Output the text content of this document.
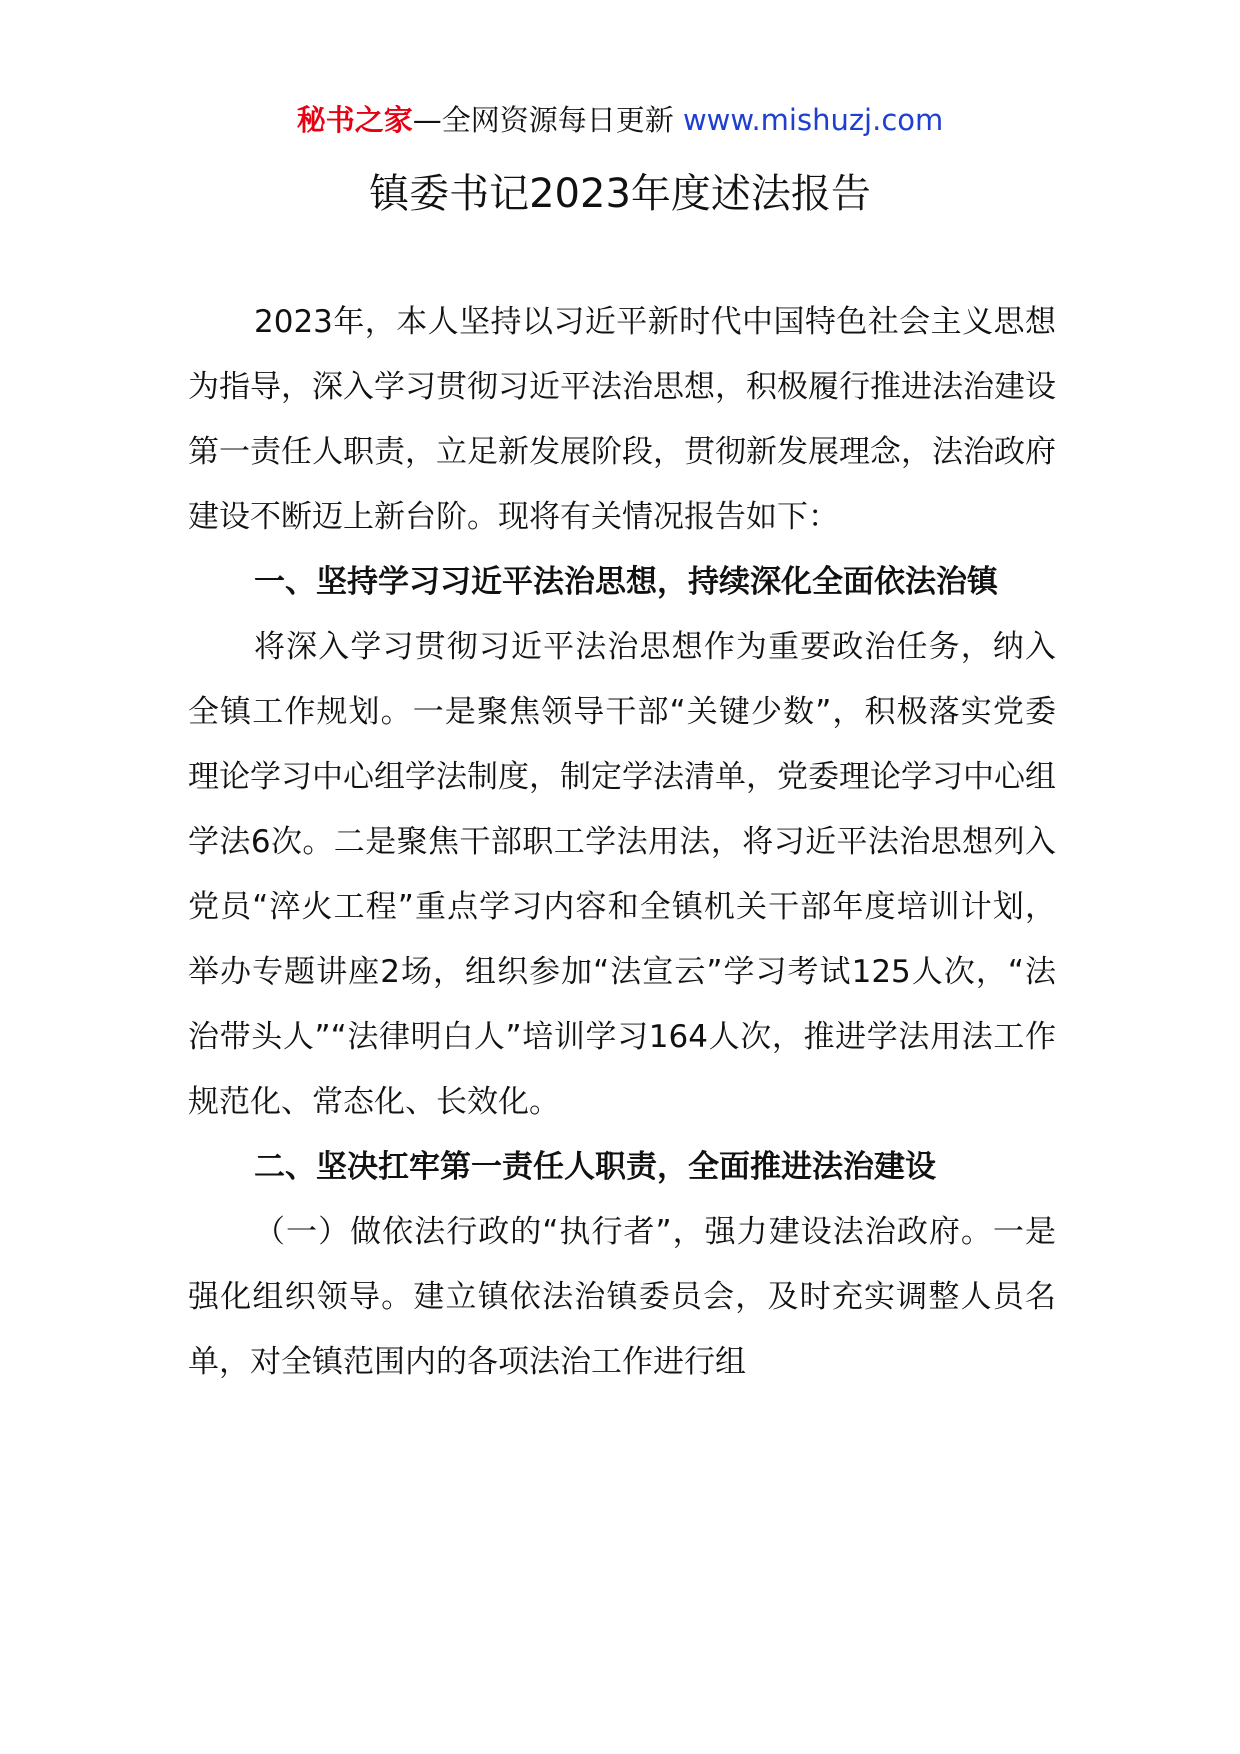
秘书之家—全网资源每日更新 www.mishuzj.com
镇委书记2023年度述法报告

2023年，本人坚持以习近平新时代中国特色社会主义思想为指导，深入学习贯彻习近平法治思想，积极履行推进法治建设第一责任人职责，立足新发展阶段，贯彻新发展理念，法治政府建设不断迈上新台阶。现将有关情况报告如下：

一、坚持学习习近平法治思想，持续深化全面依法治镇

将深入学习贯彻习近平法治思想作为重要政治任务，纳入全镇工作规划。一是聚焦领导干部“关键少数”，积极落实党委理论学习中心组学法制度，制定学法清单，党委理论学习中心组学法6次。二是聚焦干部职工学法用法，将习近平法治思想列入党员“淬火工程”重点学习内容和全镇机关干部年度培训计划，举办专题讲座2场，组织参加“法宣云”学习考试125人次，“法治带头人”“法律明白人”培训学习164人次，推进学法用法工作规范化、常态化、长效化。

二、坚决扛牢第一责任人职责，全面推进法治建设

（一）做依法行政的“执行者”，强力建设法治政府。一是强化组织领导。建立镇依法治镇委员会，及时充实调整人员名单，对全镇范围内的各项法治工作进行组
